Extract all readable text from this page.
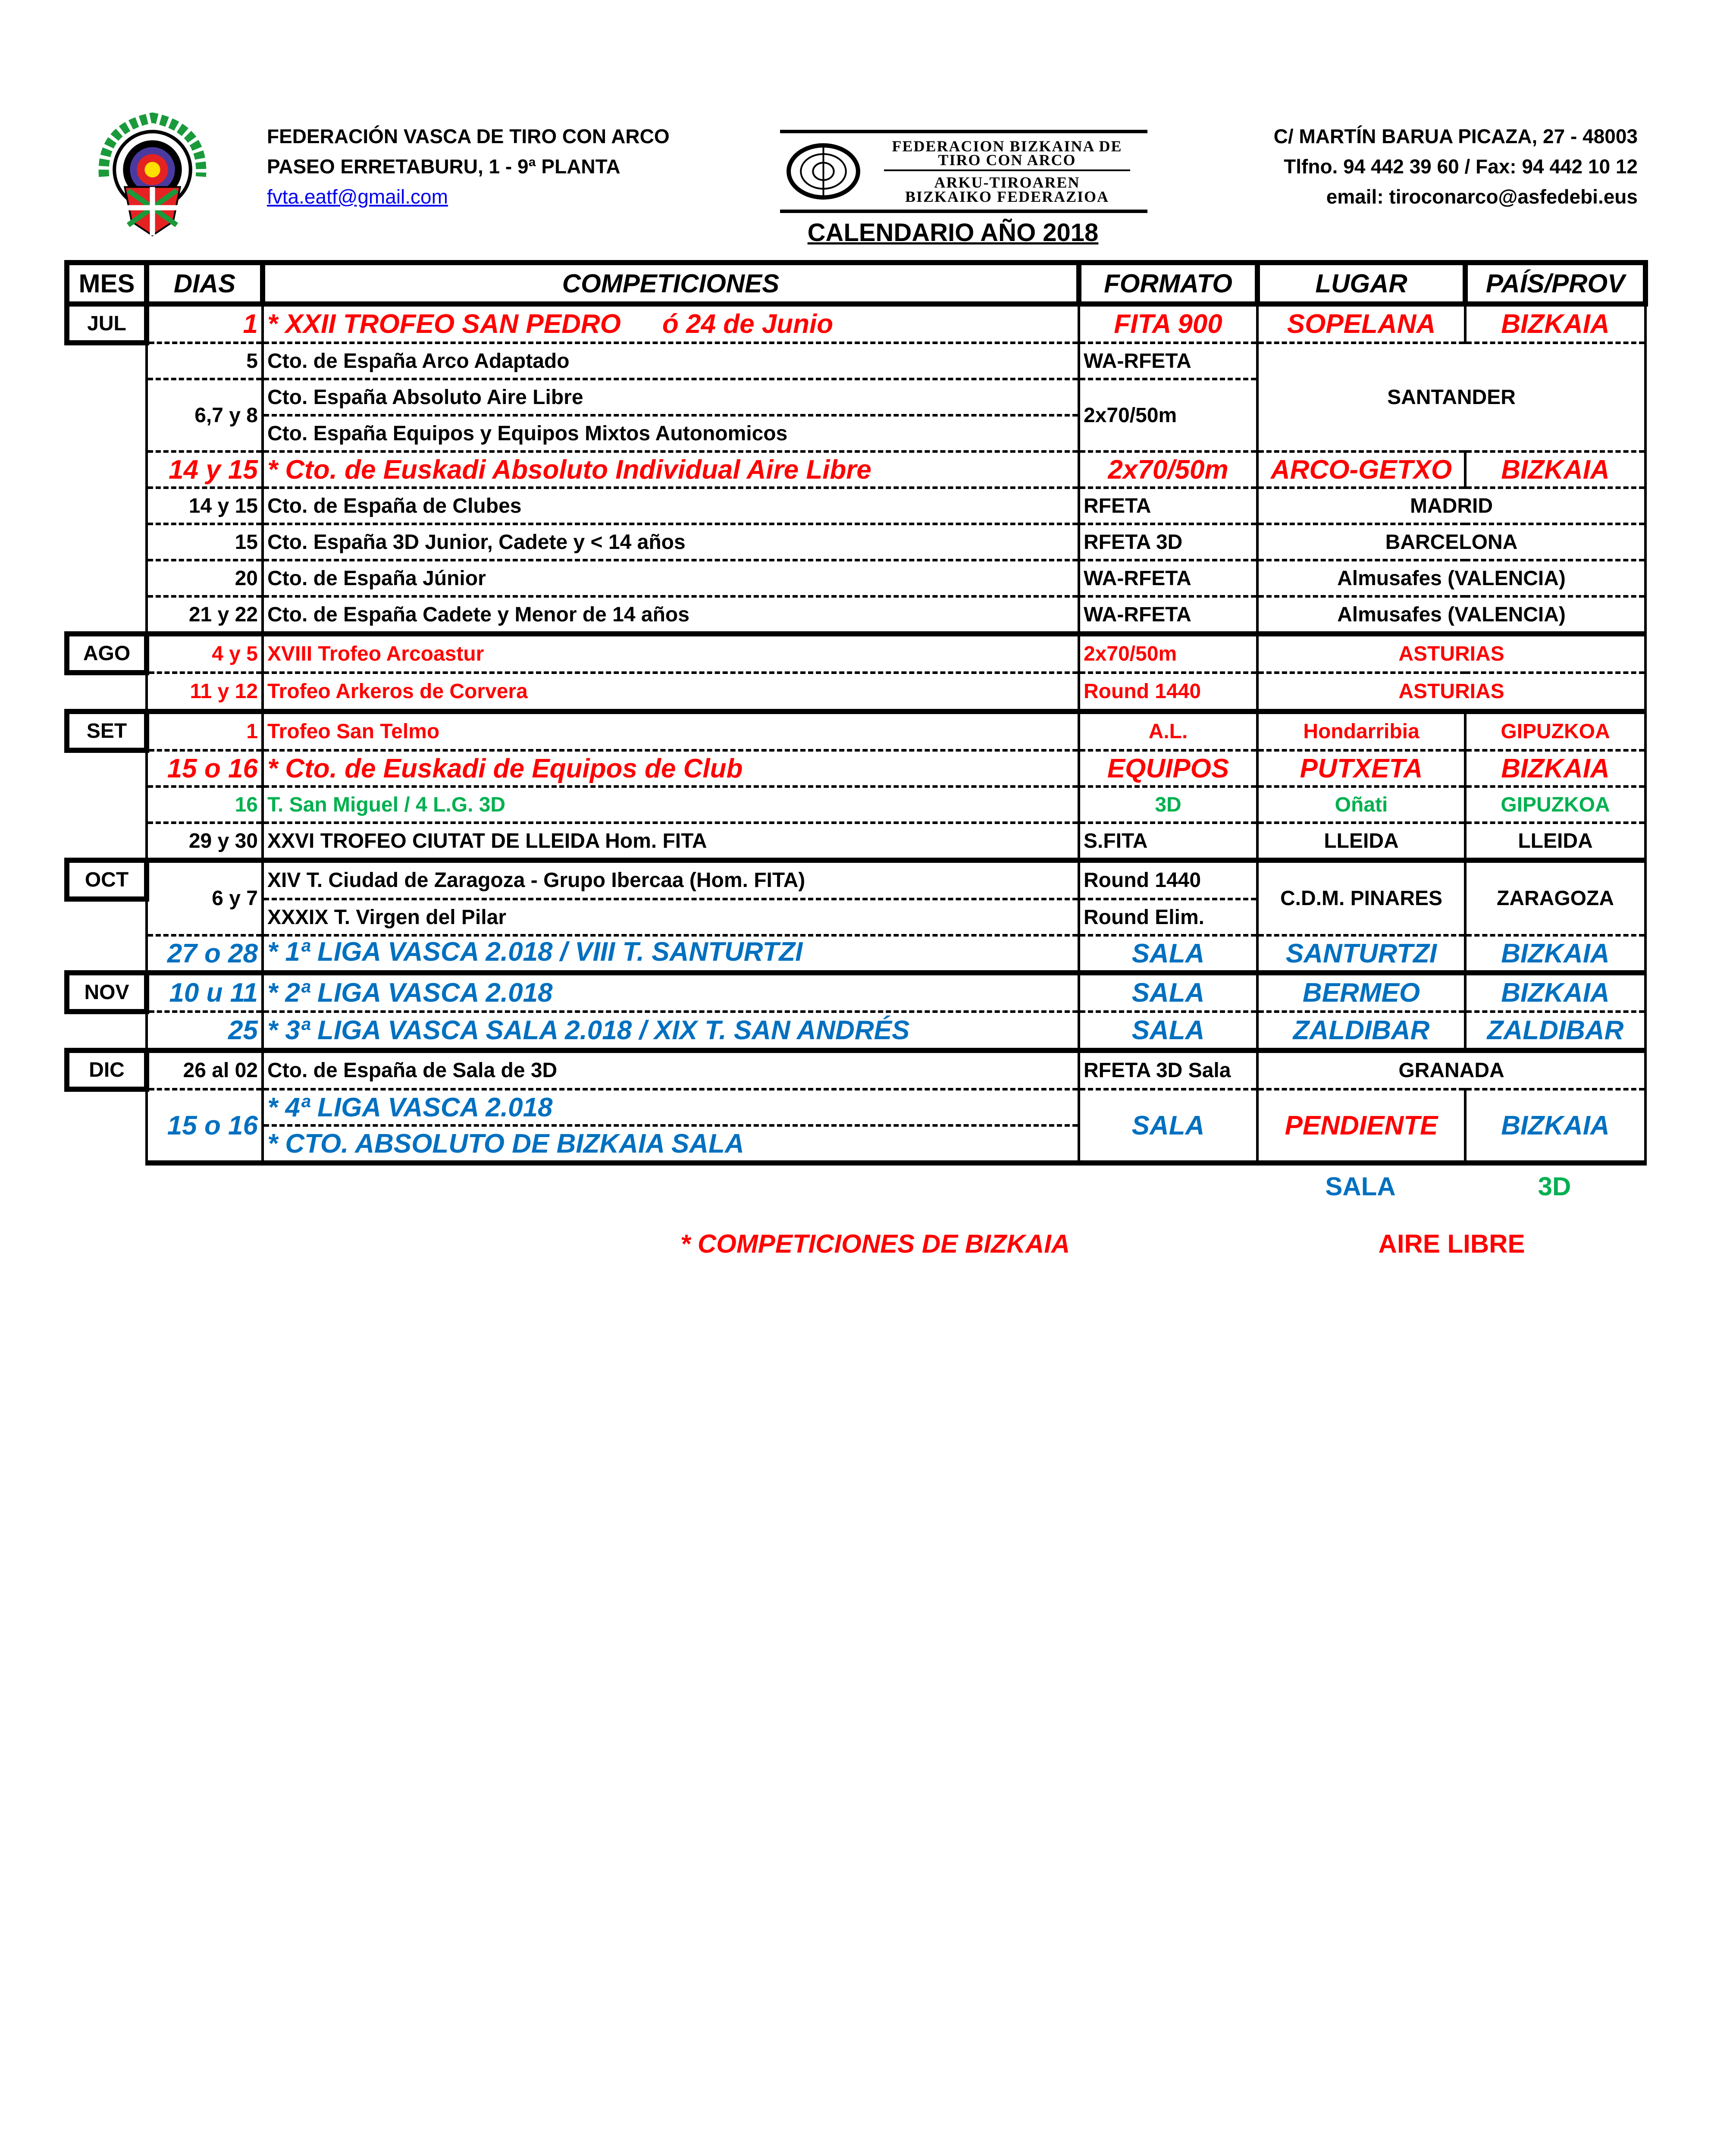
FEDERACIÓN VASCA DE TIRO CON ARCO
PASEO ERRETABURU, 1 - 9ª PLANTA
fvta.eatf@gmail.com
FEDERACION BIZKAINA DE
TIRO CON ARCO
ARKU-TIROAREN
BIZKAIKO FEDERAZIOA
C/ MARTÍN BARUA PICAZA, 27 - 48003
Tlfno. 94 442 39 60 / Fax: 94 442 10 12
email: tiroconarco@asfedebi.eus
CALENDARIO AÑO 2018
MES	DIAS	COMPETICIONES	FORMATO	LUGAR	PAÍS/PROV
JUL	1	* XXII TROFEO SAN PEDRO ó 24 de Junio	FITA 900	SOPELANA	BIZKAIA
	5	Cto. de España Arco Adaptado	WA-RFETA	SANTANDER	
	6,7 y 8	Cto. España Absoluto Aire Libre	2x70/50m		
		Cto. España Equipos y Equipos Mixtos Autonomicos			
	14 y 15	* Cto. de Euskadi Absoluto Individual Aire Libre	2x70/50m	ARCO-GETXO	BIZKAIA
	14 y 15	Cto. de España de Clubes	RFETA	MADRID	
	15	Cto. España 3D Junior, Cadete y < 14 años	RFETA 3D	BARCELONA	
	20	Cto. de España Júnior	WA-RFETA	Almusafes (VALENCIA)	
	21 y 22	Cto. de España Cadete y Menor de 14 años	WA-RFETA	Almusafes (VALENCIA)	
AGO	4 y 5	XVIII Trofeo Arcoastur	2x70/50m	ASTURIAS	
	11 y 12	Trofeo Arkeros de Corvera	Round 1440	ASTURIAS	
SET	1	Trofeo San Telmo	A.L.	Hondarribia	GIPUZKOA
	15 o 16	* Cto. de Euskadi de Equipos de Club	EQUIPOS	PUTXETA	BIZKAIA
	16	T. San Miguel / 4 L.G. 3D	3D	Oñati	GIPUZKOA
	29 y 30	XXVI TROFEO CIUTAT DE LLEIDA Hom. FITA	S.FITA	LLEIDA	LLEIDA
OCT	6 y 7	XIV T. Ciudad de Zaragoza - Grupo Ibercaa (Hom. FITA)	Round 1440	C.D.M. PINARES	ZARAGOZA
		XXXIX T. Virgen del Pilar	Round Elim.		
	27 o 28	* 1ª LIGA VASCA 2.018 / VIII T. SANTURTZI	SALA	SANTURTZI	BIZKAIA
NOV	10 u 11	* 2ª LIGA VASCA 2.018	SALA	BERMEO	BIZKAIA
	25	* 3ª LIGA VASCA SALA 2.018 / XIX T. SAN ANDRÉS	SALA	ZALDIBAR	ZALDIBAR
DIC	26 al 02	Cto. de España de Sala de 3D	RFETA 3D Sala	GRANADA	
	15 o 16	* 4ª LIGA VASCA 2.018	SALA	PENDIENTE	BIZKAIA
		* CTO. ABSOLUTO DE BIZKAIA SALA			
SALA	3D
* COMPETICIONES DE BIZKAIA	AIRE LIBRE
